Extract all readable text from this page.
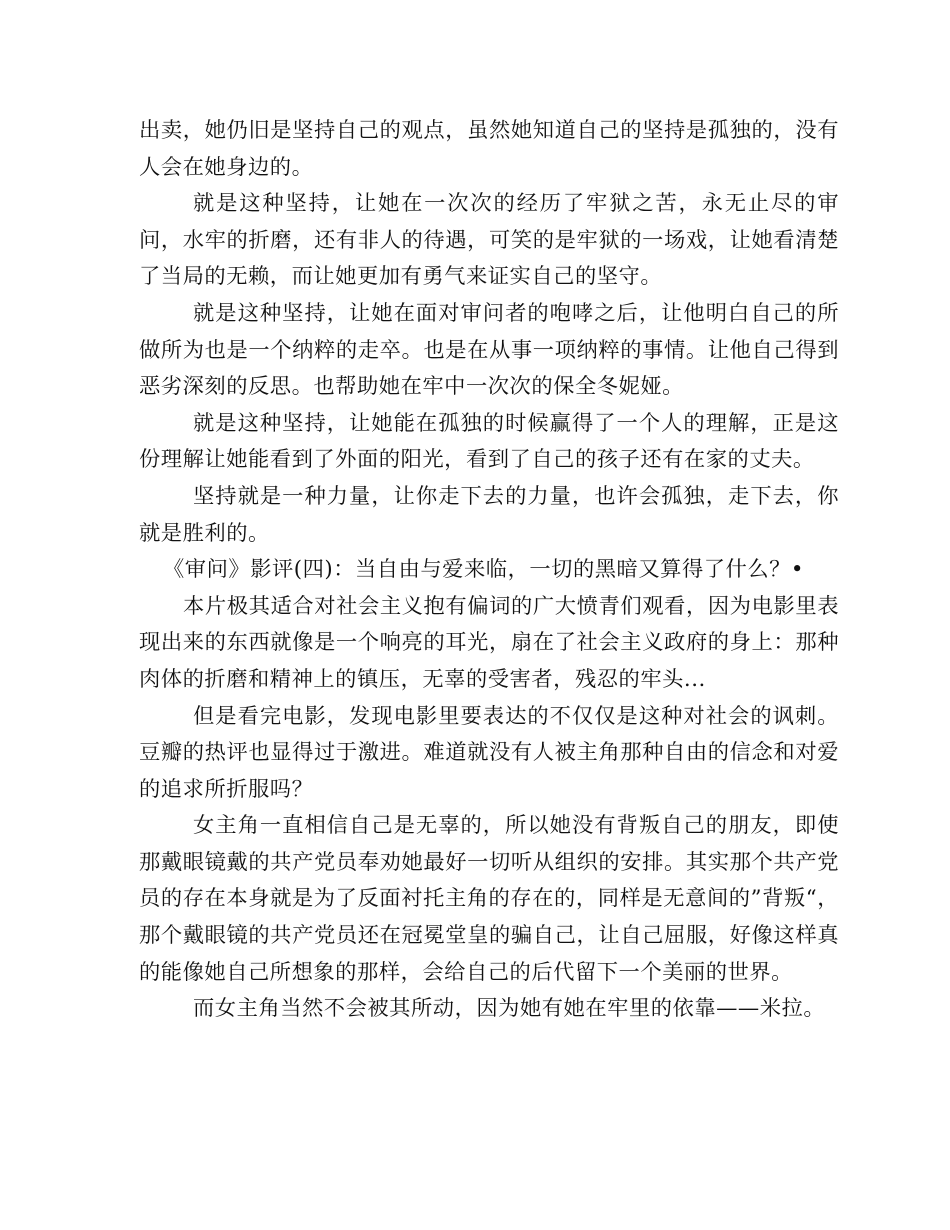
出卖，她仍旧是坚持自己的观点，虽然她知道自己的坚持是孤独的，没有人会在她身边的。

就是这种坚持，让她在一次次的经历了牢狱之苦，永无止尽的审问，水牢的折磨，还有非人的待遇，可笑的是牢狱的一场戏，让她看清楚了当局的无赖，而让她更加有勇气来证实自己的坚守。

就是这种坚持，让她在面对审问者的咆哮之后，让他明白自己的所做所为也是一个纳粹的走卒。也是在从事一项纳粹的事情。让他自己得到恶劣深刻的反思。也帮助她在牢中一次次的保全冬妮娅。

就是这种坚持，让她能在孤独的时候赢得了一个人的理解，正是这份理解让她能看到了外面的阳光，看到了自己的孩子还有在家的丈夫。

坚持就是一种力量，让你走下去的力量，也许会孤独，走下去，你就是胜利的。

《审问》影评(四)：当自由与爱来临，一切的黑暗又算得了什么？•

本片极其适合对社会主义抱有偏词的广大愤青们观看，因为电影里表现出来的东西就像是一个响亮的耳光，扇在了社会主义政府的身上：那种肉体的折磨和精神上的镇压，无辜的受害者，残忍的牢头...

但是看完电影，发现电影里要表达的不仅仅是这种对社会的讽刺。豆瓣的热评也显得过于激进。难道就没有人被主角那种自由的信念和对爱的追求所折服吗？

女主角一直相信自己是无辜的，所以她没有背叛自己的朋友，即使那戴眼镜戴的共产党员奉劝她最好一切听从组织的安排。其实那个共产党员的存在本身就是为了反面衬托主角的存在的，同样是无意间的”背叛“，那个戴眼镜的共产党员还在冠冕堂皇的骗自己，让自己屈服，好像这样真的能像她自己所想象的那样，会给自己的后代留下一个美丽的世界。

而女主角当然不会被其所动，因为她有她在牢里的依靠——米拉。
